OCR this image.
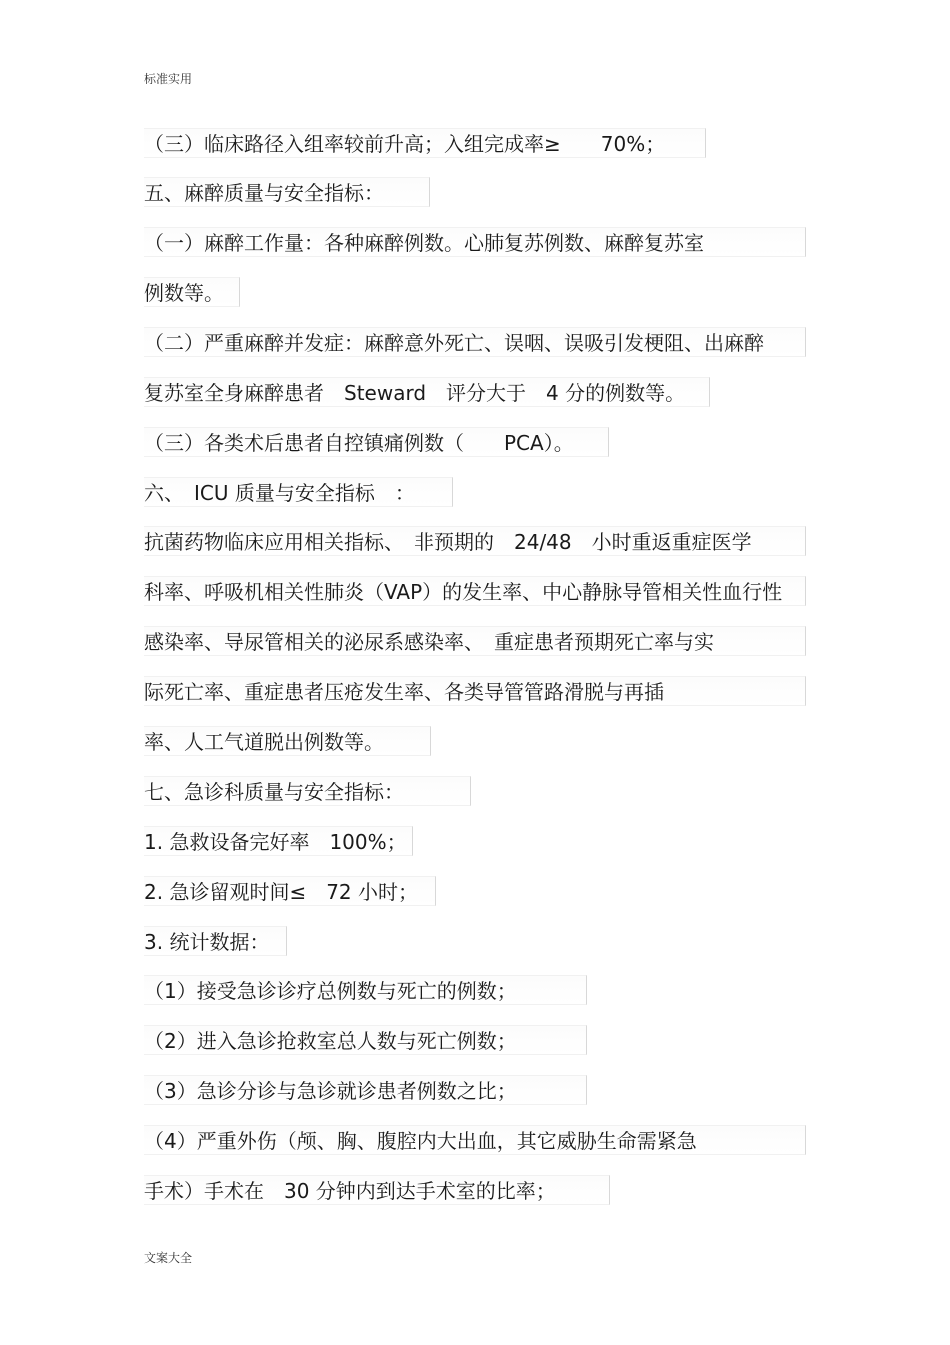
标准实用
（三）临床路径入组率较前升高；入组完成率≥　　70%；
五、麻醉质量与安全指标：
（一）麻醉工作量：各种麻醉例数。心肺复苏例数、麻醉复苏室
例数等。
（二）严重麻醉并发症：麻醉意外死亡、误咽、误吸引发梗阻、出麻醉
复苏室全身麻醉患者　Steward　评分大于　4 分的例数等。
（三）各类术后患者自控镇痛例数（　　PCA）。
六、　ICU 质量与安全指标　：
抗菌药物临床应用相关指标、　非预期的　24/48　小时重返重症医学
科率、呼吸机相关性肺炎（VAP）的发生率、中心静脉导管相关性血行性
感染率、导尿管相关的泌尿系感染率、　重症患者预期死亡率与实
际死亡率、重症患者压疮发生率、各类导管管路滑脱与再插
率、人工气道脱出例数等。
七、急诊科质量与安全指标：
1. 急救设备完好率　100%；
2. 急诊留观时间≤　72 小时；
3. 统计数据：
（1）接受急诊诊疗总例数与死亡的例数；
（2）进入急诊抢救室总人数与死亡例数；
（3）急诊分诊与急诊就诊患者例数之比；
（4）严重外伤（颅、胸、腹腔内大出血，其它威胁生命需紧急
手术）手术在　30 分钟内到达手术室的比率；
文案大全
